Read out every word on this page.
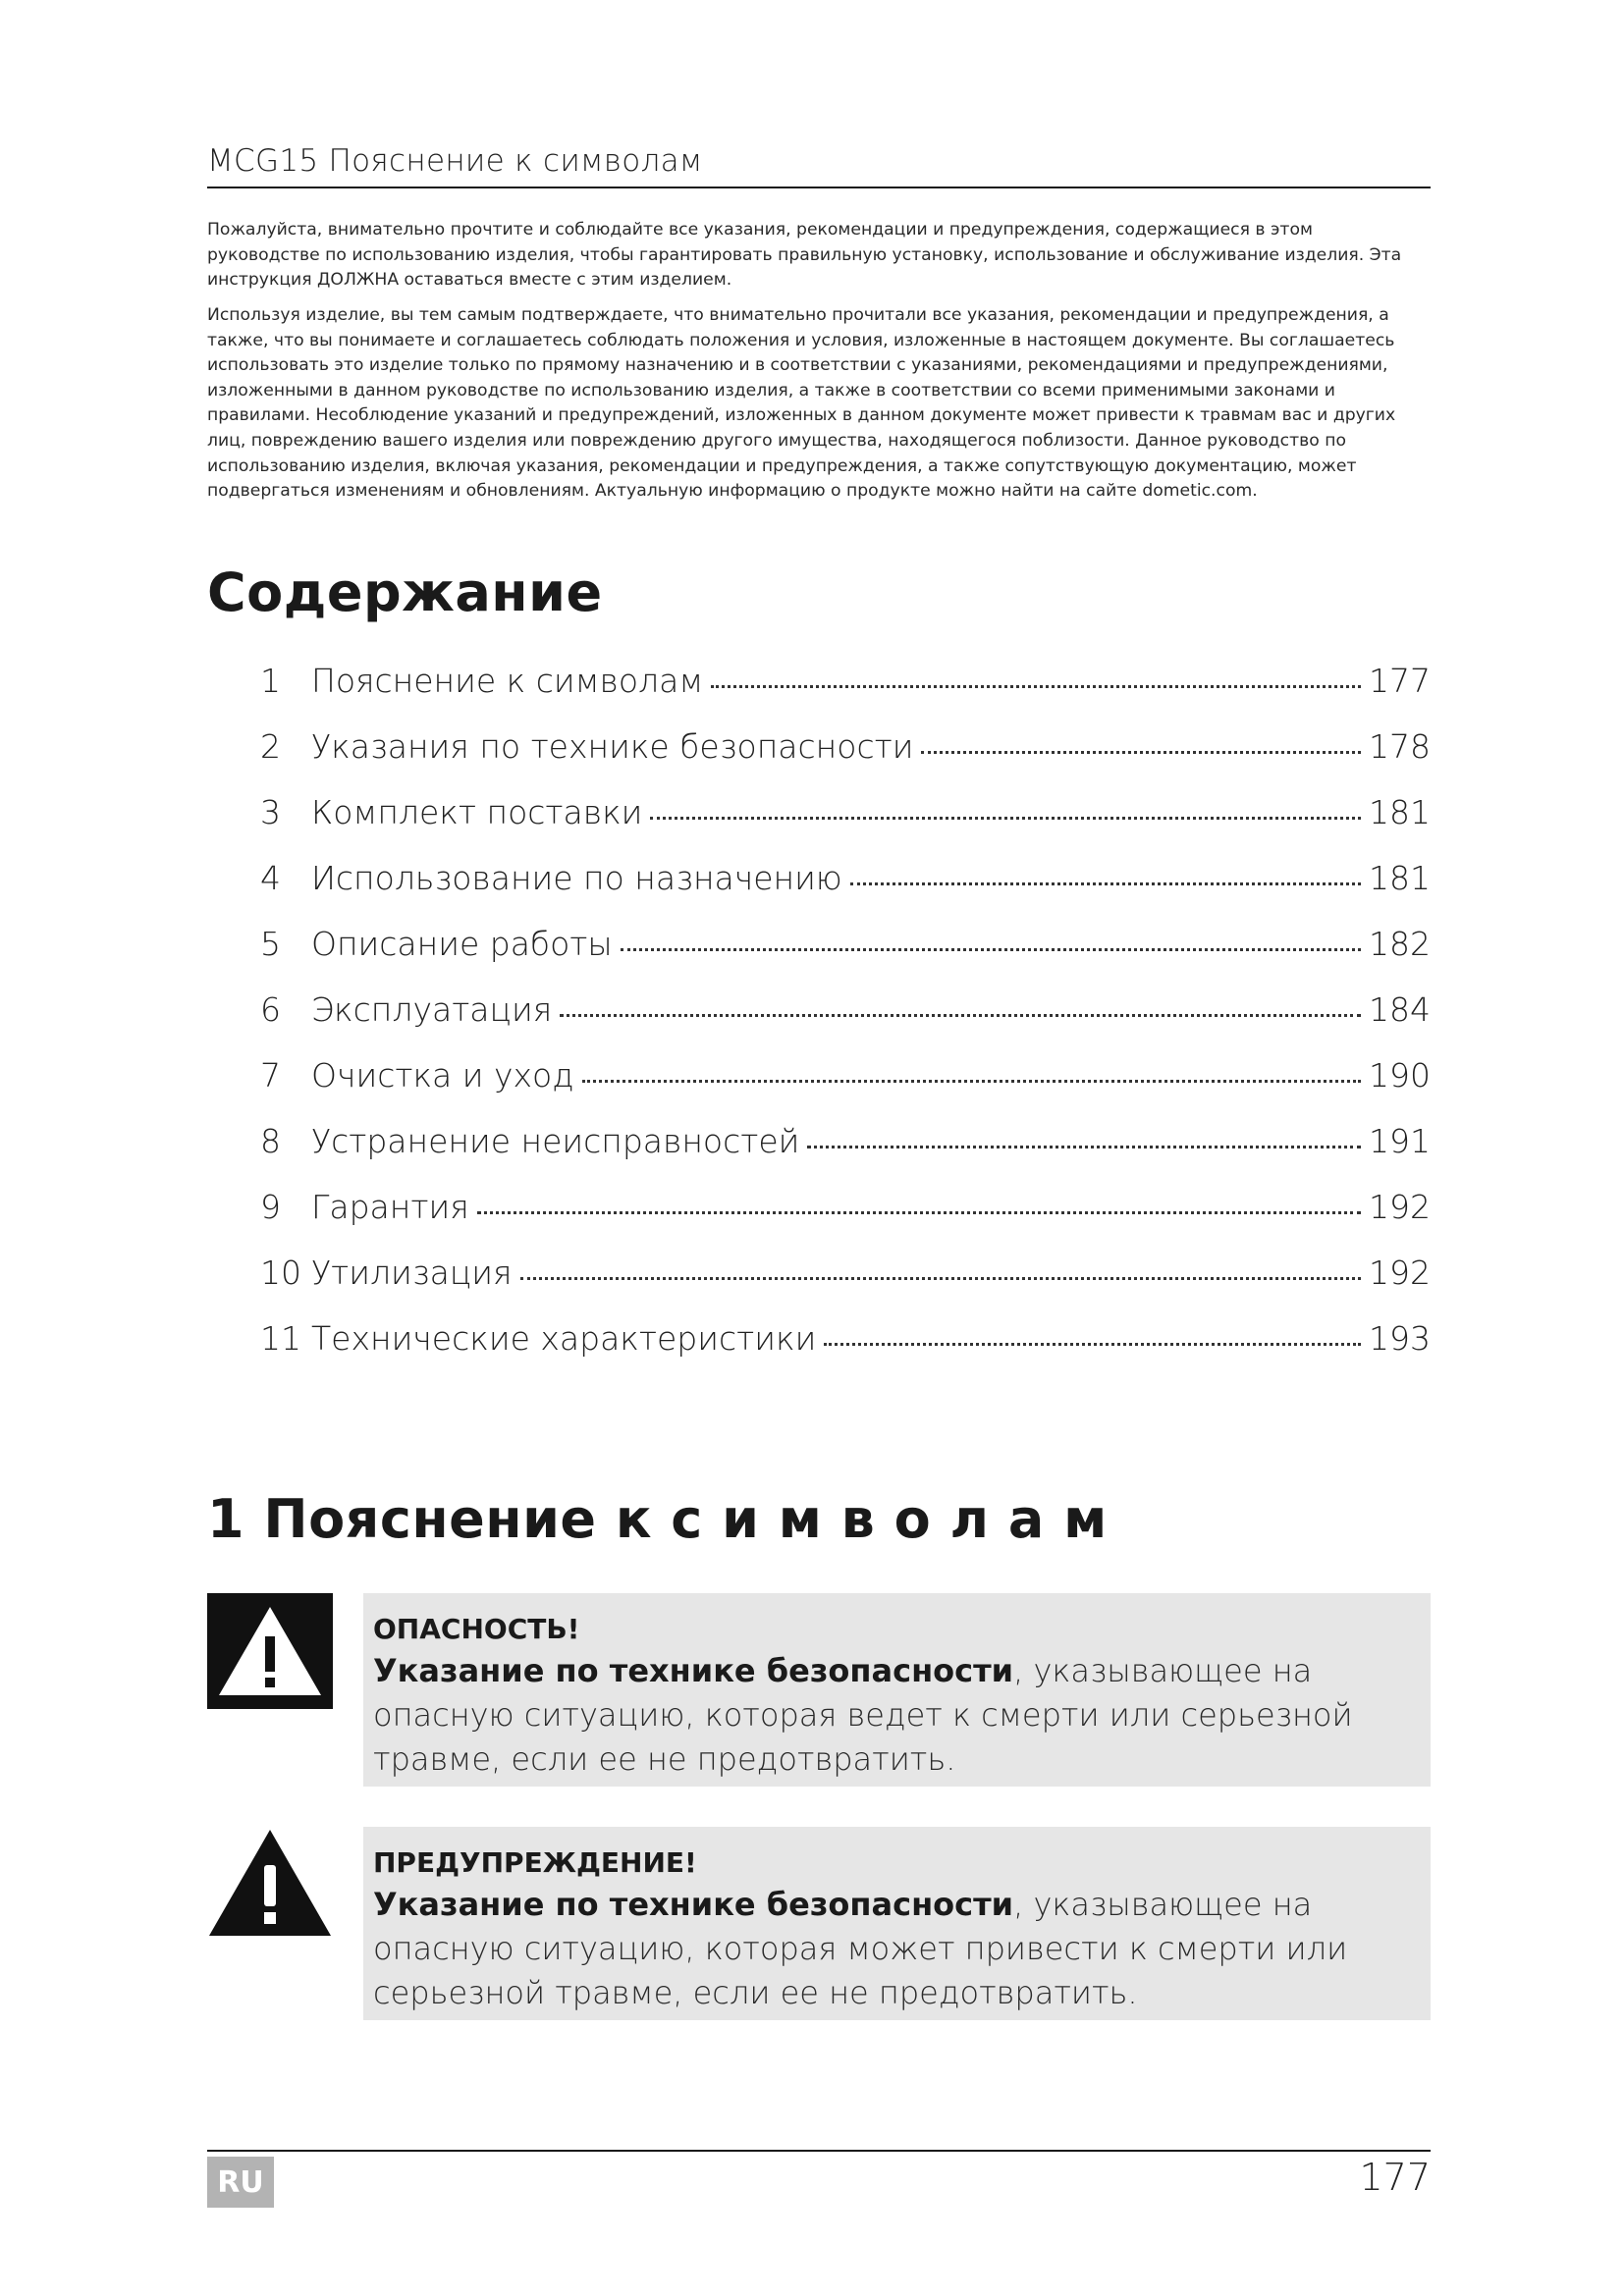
MCG15 Пояснение к символам
Пожалуйста, внимательно прочтите и соблюдайте все указания, рекомендации и предупреждения, содержащиеся в этом руководстве по использованию изделия, чтобы гарантировать правильную установку, использование и обслуживание изделия. Эта инструкция ДОЛЖНА оставаться вместе с этим изделием.
Используя изделие, вы тем самым подтверждаете, что внимательно прочитали все указания, рекомендации и предупреждения, а также, что вы понимаете и соглашаетесь соблюдать положения и условия, изложенные в настоящем документе. Вы соглашаетесь использовать это изделие только по прямому назначению и в соответствии с указаниями, рекомендациями и предупреждениями, изложенными в данном руководстве по использованию изделия, а также в соответствии со всеми применимыми законами и правилами. Несоблюдение указаний и предупреждений, изложенных в данном документе может привести к травмам вас и других лиц, повреждению вашего изделия или повреждению другого имущества, находящегося поблизости. Данное руководство по использованию изделия, включая указания, рекомендации и предупреждения, а также сопутствующую документацию, может подвергаться изменениям и обновлениям. Актуальную информацию о продукте можно найти на сайте dometic.com.
Содержание
1 Пояснение к символам	177
2 Указания по технике безопасности	178
3 Комплект поставки	181
4 Использование по назначению	181
5 Описание работы	182
6 Эксплуатация	184
7 Очистка и уход	190
8 Устранение неисправностей	191
9 Гарантия	192
10 Утилизация	192
11 Технические характеристики	193
1 Пояснение к с и м в о л а м
ОПАСНОСТЬ!
Указание по технике безопасности, указывающее на опасную ситуацию, которая ведет к смерти или серьезной травме, если ее не предотвратить.
ПРЕДУПРЕЖДЕНИЕ!
Указание по технике безопасности, указывающее на опасную ситуацию, которая может привести к смерти или серьезной травме, если ее не предотвратить.
RU	177
